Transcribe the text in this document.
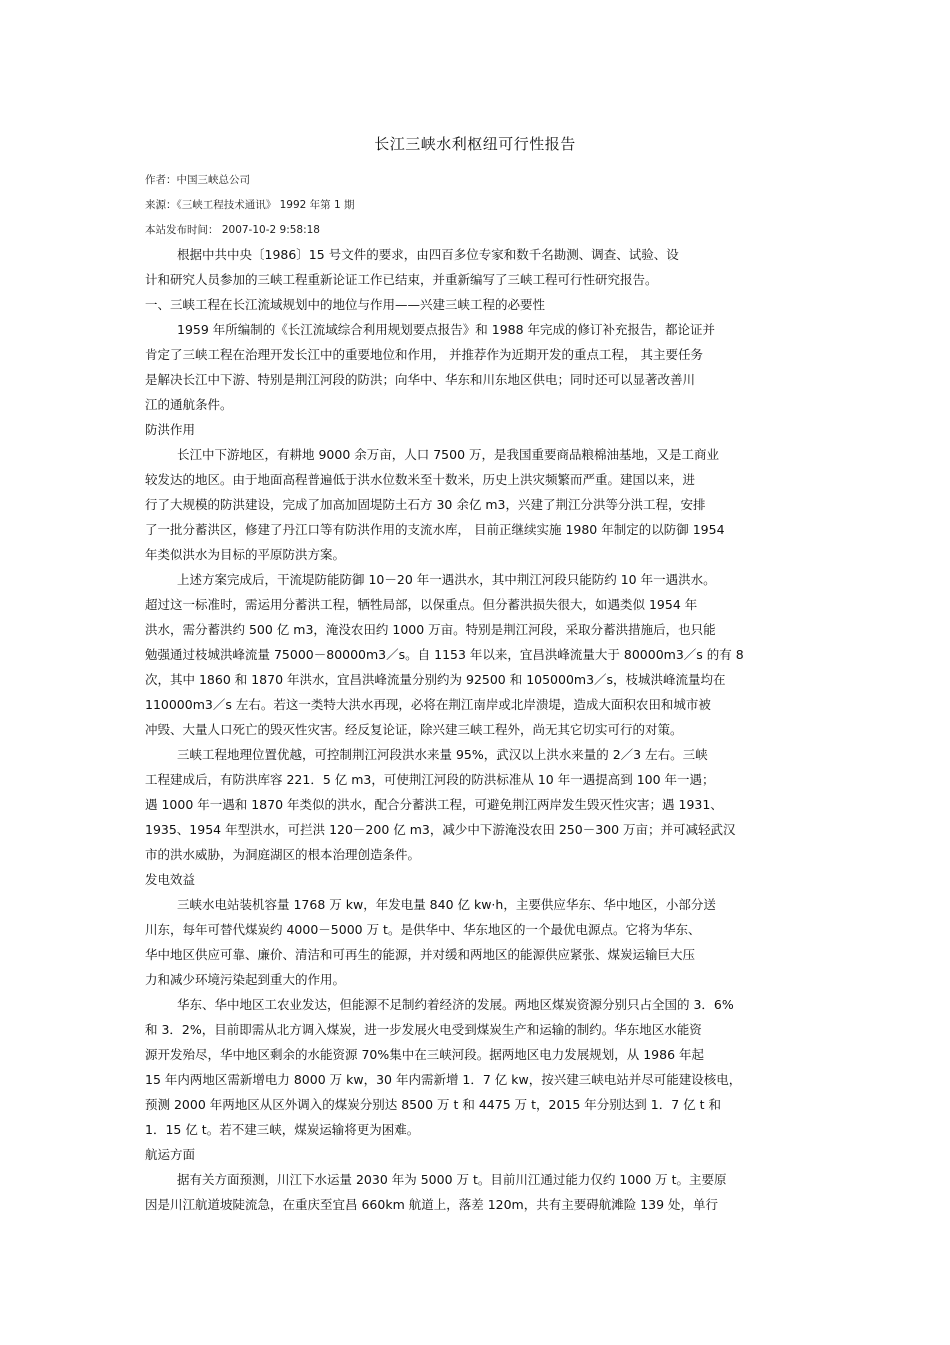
长江三峡水利枢纽可行性报告
作者：中国三峡总公司
来源：《三峡工程技术通讯》 1992 年第 1 期
本站发布时间： 2007-10-2 9:58:18
根据中共中央〔1986〕15 号文件的要求，由四百多位专家和数千名勘测、调查、试验、设
计和研究人员参加的三峡工程重新论证工作已结束，并重新编写了三峡工程可行性研究报告。
一、三峡工程在长江流域规划中的地位与作用——兴建三峡工程的必要性
1959 年所编制的《长江流域综合利用规划要点报告》和 1988 年完成的修订补充报告，都论证并
肯定了三峡工程在治理开发长江中的重要地位和作用， 并推荐作为近期开发的重点工程， 其主要任务
是解决长江中下游、特别是荆江河段的防洪；向华中、华东和川东地区供电；同时还可以显著改善川
江的通航条件。
防洪作用
长江中下游地区，有耕地 9000 余万亩，人口 7500 万，是我国重要商品粮棉油基地，又是工商业
较发达的地区。由于地面高程普遍低于洪水位数米至十数米，历史上洪灾频繁而严重。建国以来，进
行了大规模的防洪建设，完成了加高加固堤防土石方 30 余亿 m3，兴建了荆江分洪等分洪工程，安排
了一批分蓄洪区，修建了丹江口等有防洪作用的支流水库， 目前正继续实施 1980 年制定的以防御 1954
年类似洪水为目标的平原防洪方案。
上述方案完成后，干流堤防能防御 10－20 年一遇洪水，其中荆江河段只能防约 10 年一遇洪水。
超过这一标准时，需运用分蓄洪工程，牺牲局部，以保重点。但分蓄洪损失很大，如遇类似 1954 年
洪水，需分蓄洪约 500 亿 m3，淹没农田约 1000 万亩。特别是荆江河段，采取分蓄洪措施后，也只能
勉强通过枝城洪峰流量 75000－80000m3／s。自 1153 年以来，宜昌洪峰流量大于 80000m3／s 的有 8
次，其中 1860 和 1870 年洪水，宜昌洪峰流量分别约为 92500 和 105000m3／s，枝城洪峰流量均在
110000m3／s 左右。若这一类特大洪水再现，必将在荆江南岸或北岸溃堤，造成大面积农田和城市被
冲毁、大量人口死亡的毁灭性灾害。经反复论证，除兴建三峡工程外，尚无其它切实可行的对策。
三峡工程地理位置优越，可控制荆江河段洪水来量 95%，武汉以上洪水来量的 2／3 左右。三峡
工程建成后，有防洪库容 221．5 亿 m3，可使荆江河段的防洪标准从 10 年一遇提高到 100 年一遇；
遇 1000 年一遇和 1870 年类似的洪水，配合分蓄洪工程，可避免荆江两岸发生毁灭性灾害；遇 1931、
1935、1954 年型洪水，可拦洪 120－200 亿 m3，减少中下游淹没农田 250－300 万亩；并可减轻武汉
市的洪水威胁，为洞庭湖区的根本治理创造条件。
发电效益
三峡水电站装机容量 1768 万 kw，年发电量 840 亿 kw·h，主要供应华东、华中地区，小部分送
川东，每年可替代煤炭约 4000－5000 万 t。是供华中、华东地区的一个最优电源点。它将为华东、
华中地区供应可靠、廉价、清洁和可再生的能源，并对缓和两地区的能源供应紧张、煤炭运输巨大压
力和减少环境污染起到重大的作用。
华东、华中地区工农业发达，但能源不足制约着经济的发展。两地区煤炭资源分别只占全国的 3．6%
和 3．2%，目前即需从北方调入煤炭，进一步发展火电受到煤炭生产和运输的制约。华东地区水能资
源开发殆尽，华中地区剩余的水能资源 70%集中在三峡河段。据两地区电力发展规划，从 1986 年起
15 年内两地区需新增电力 8000 万 kw，30 年内需新增 1．7 亿 kw，按兴建三峡电站并尽可能建设核电，
预测 2000 年两地区从区外调入的煤炭分别达 8500 万 t 和 4475 万 t，2015 年分别达到 1．7 亿 t 和
1．15 亿 t。若不建三峡，煤炭运输将更为困难。
航运方面
据有关方面预测，川江下水运量 2030 年为 5000 万 t。目前川江通过能力仅约 1000 万 t。主要原
因是川江航道坡陡流急，在重庆至宜昌 660km 航道上，落差 120m，共有主要碍航滩险 139 处，单行
